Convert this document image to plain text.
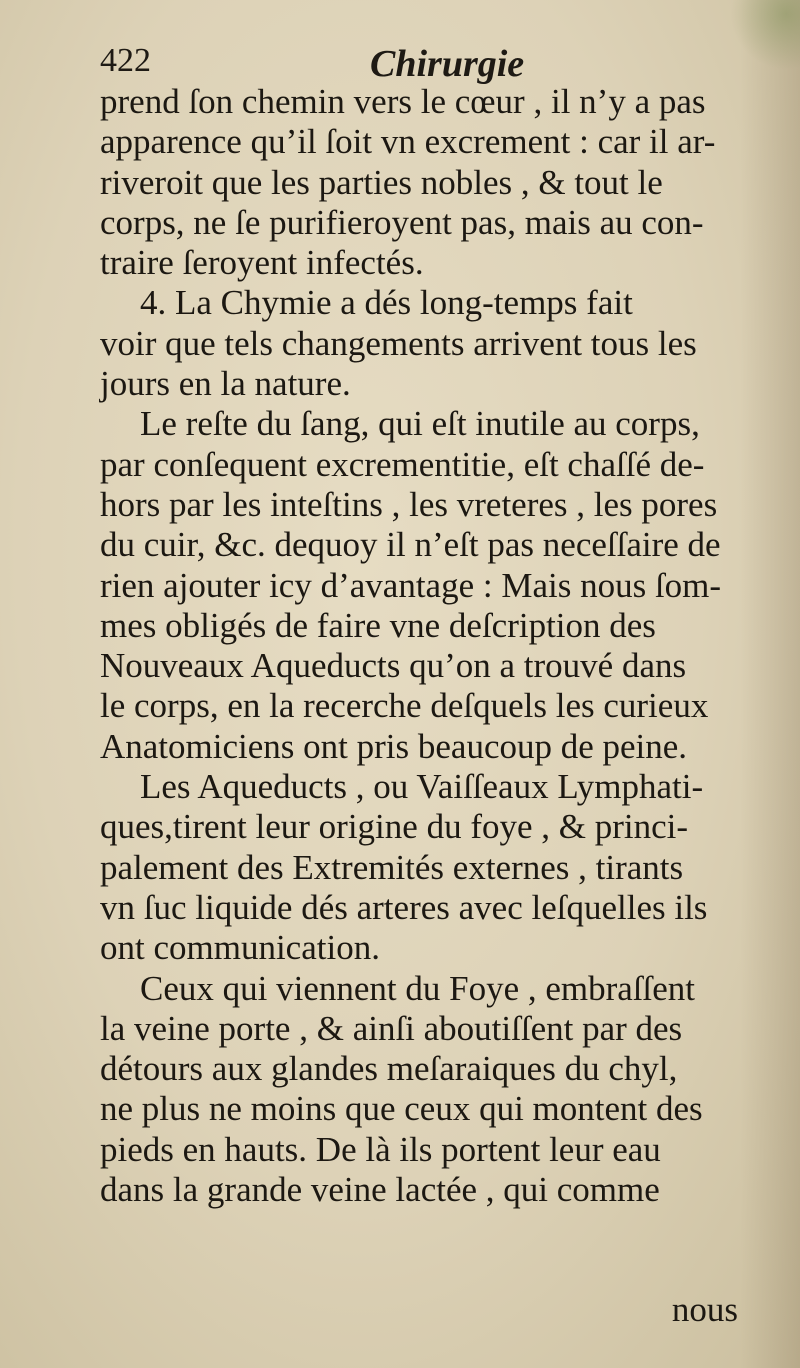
422	Chirurgie
prend ſon chemin vers le cœur , il n’y a pas
apparence qu’il ſoit vn excrement : car il ar-
riveroit que les parties nobles , & tout le
corps, ne ſe purifieroyent pas, mais au con-
traire ſeroyent infectés.
4. La Chymie a dés long-temps fait
voir que tels changements arrivent tous les
jours en la nature.
Le reſte du ſang, qui eſt inutile au corps,
par conſequent excrementitie, eſt chaſſé de-
hors par les inteſtins , les vreteres , les pores
du cuir, &c. dequoy il n’eſt pas neceſſaire de
rien ajouter icy d’avantage : Mais nous ſom-
mes obligés de faire vne deſcription des
Nouveaux Aqueducts qu’on a trouvé dans
le corps, en la recerche deſquels les curieux
Anatomiciens ont pris beaucoup de peine.
Les Aqueducts , ou Vaiſſeaux Lymphati-
ques,tirent leur origine du foye , & princi-
palement des Extremités externes , tirants
vn ſuc liquide dés arteres avec leſquelles ils
ont communication.
Ceux qui viennent du Foye , embraſſent
la veine porte , & ainſi aboutiſſent par des
détours aux glandes meſaraiques du chyl,
ne plus ne moins que ceux qui montent des
pieds en hauts. De là ils portent leur eau
dans la grande veine lactée , qui comme
nous
